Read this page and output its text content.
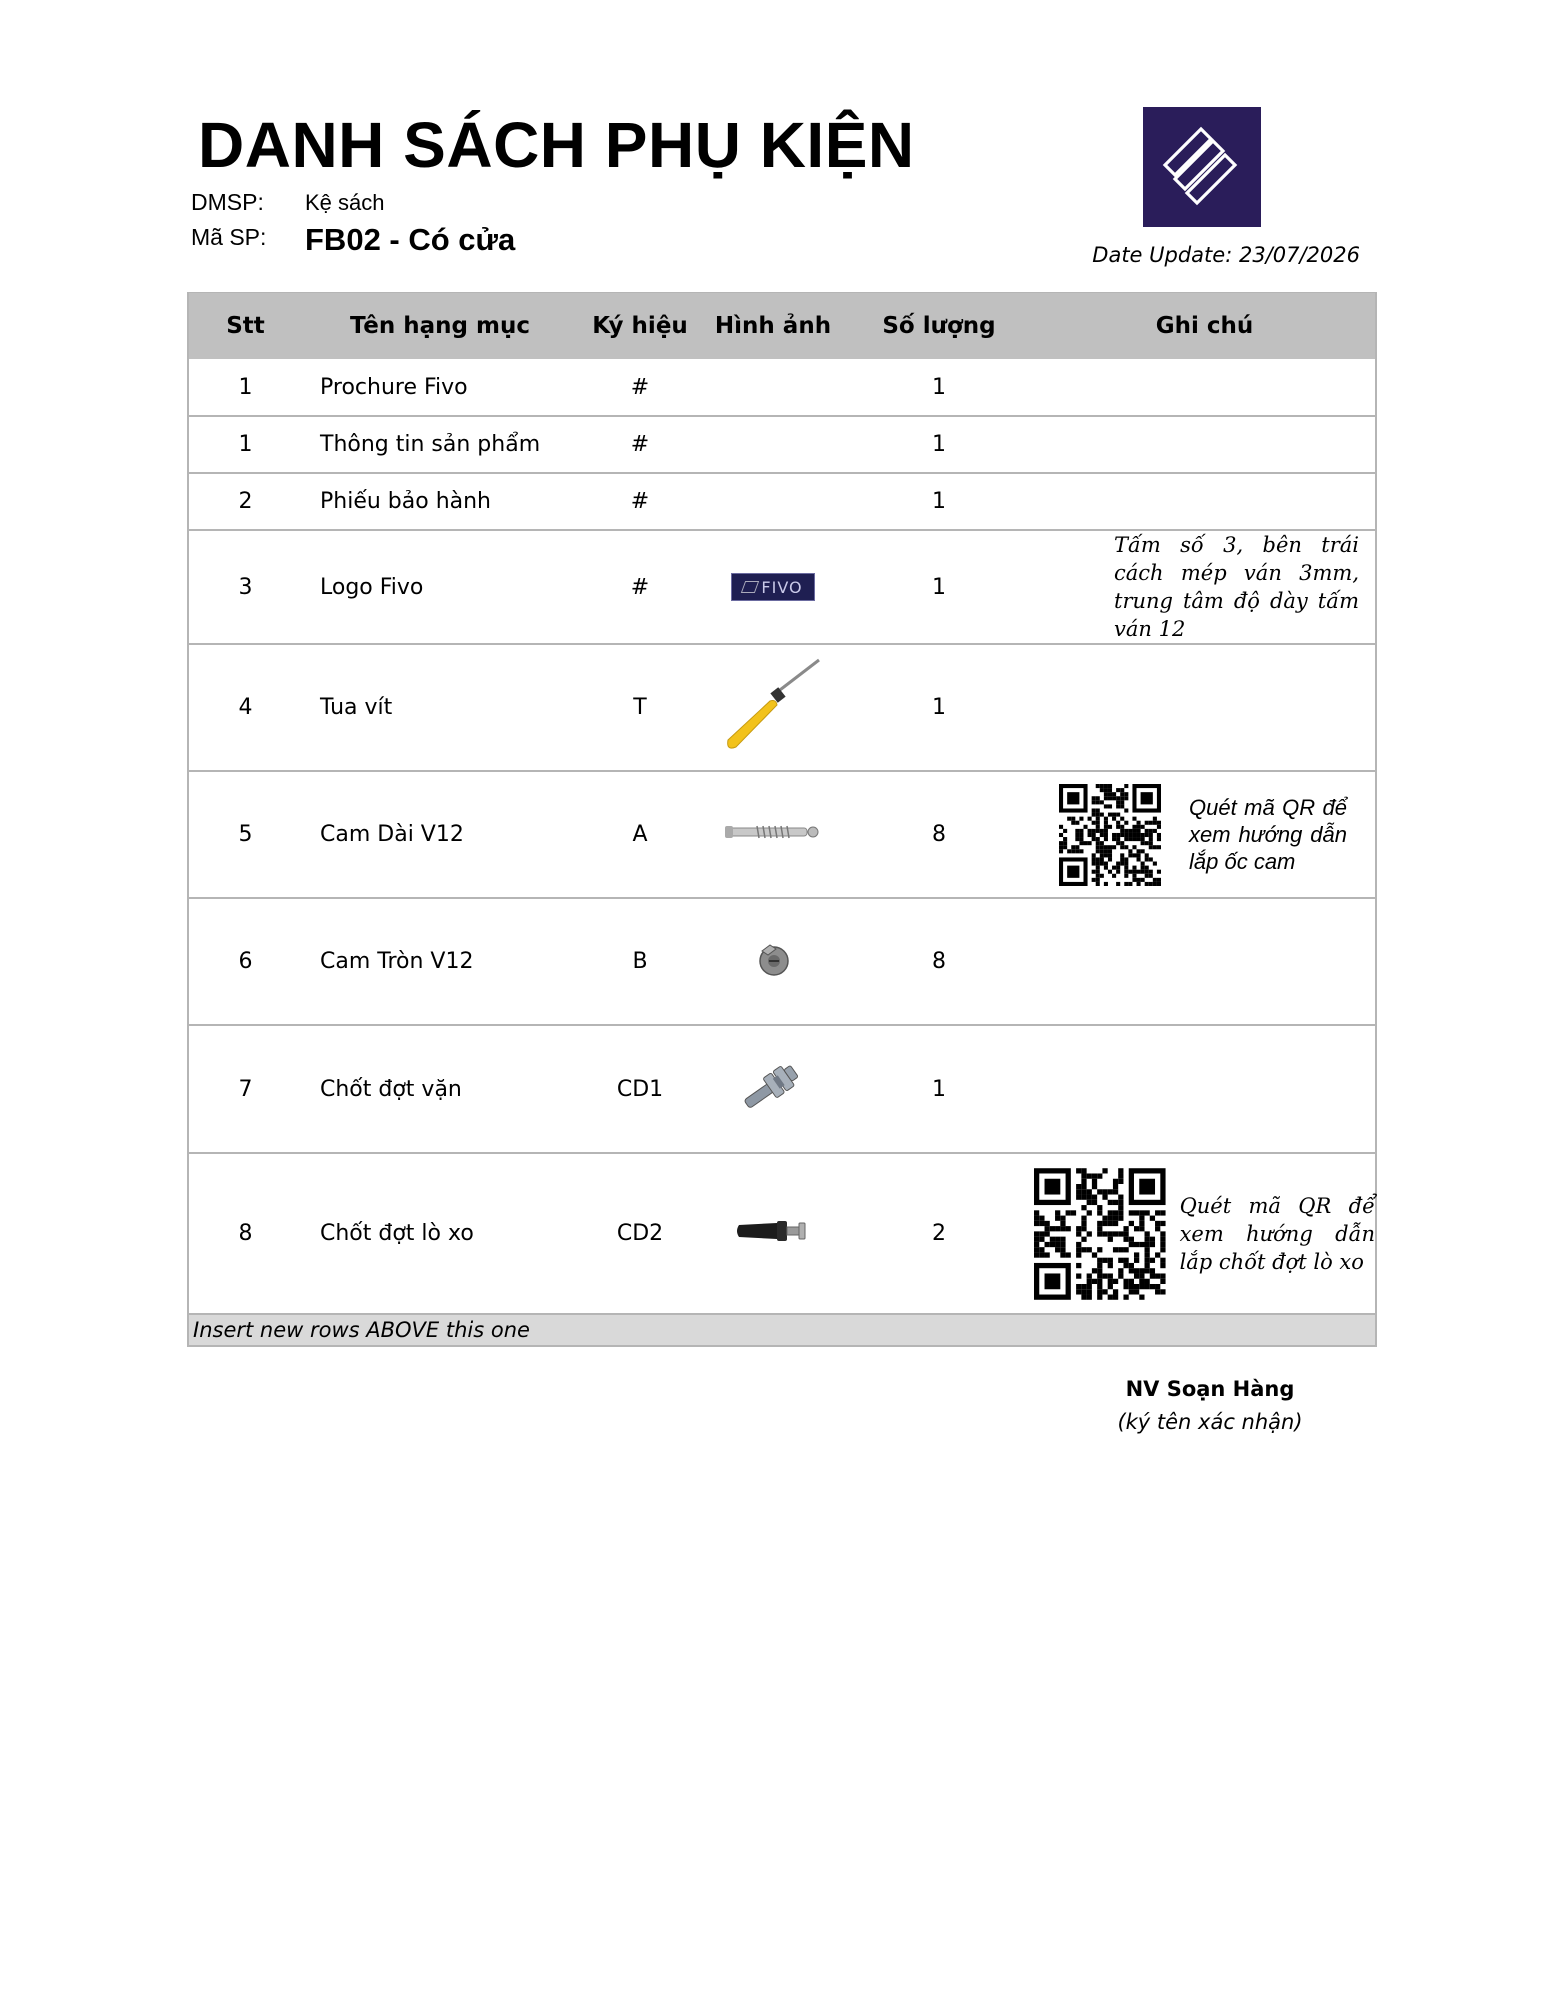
DANH SÁCH PHỤ KIỆN
DMSP: Kệ sách
Mã SP: FB02 - Có cửa	Date Update: 23/07/2026
Stt	Tên hạng mục	Ký hiệu	Hình ảnh	Số lượng	Ghi chú
1	Prochure Fivo	#		1	
1	Thông tin sản phẩm	#		1	
2	Phiếu bảo hành	#		1	
3	Logo Fivo	#	FIVO	1	Tấm số 3, bên trái cách mép ván 3mm, trung tâm độ dày tấm ván 12

4	Tua vít	T		1	
5	Cam Dài V12	A		8	Quét mã QR để xem hướng dẫn lắp ốc cam

6	Cam Tròn V12	B		8	
7	Chốt đợt vặn	CD1		1	
8	Chốt đợt lò xo	CD2		2	Quét mã QR để xem hướng dẫn lắp chốt đợt lò xo

Insert new rows ABOVE this one					
NV Soạn Hàng
(ký tên xác nhận)
